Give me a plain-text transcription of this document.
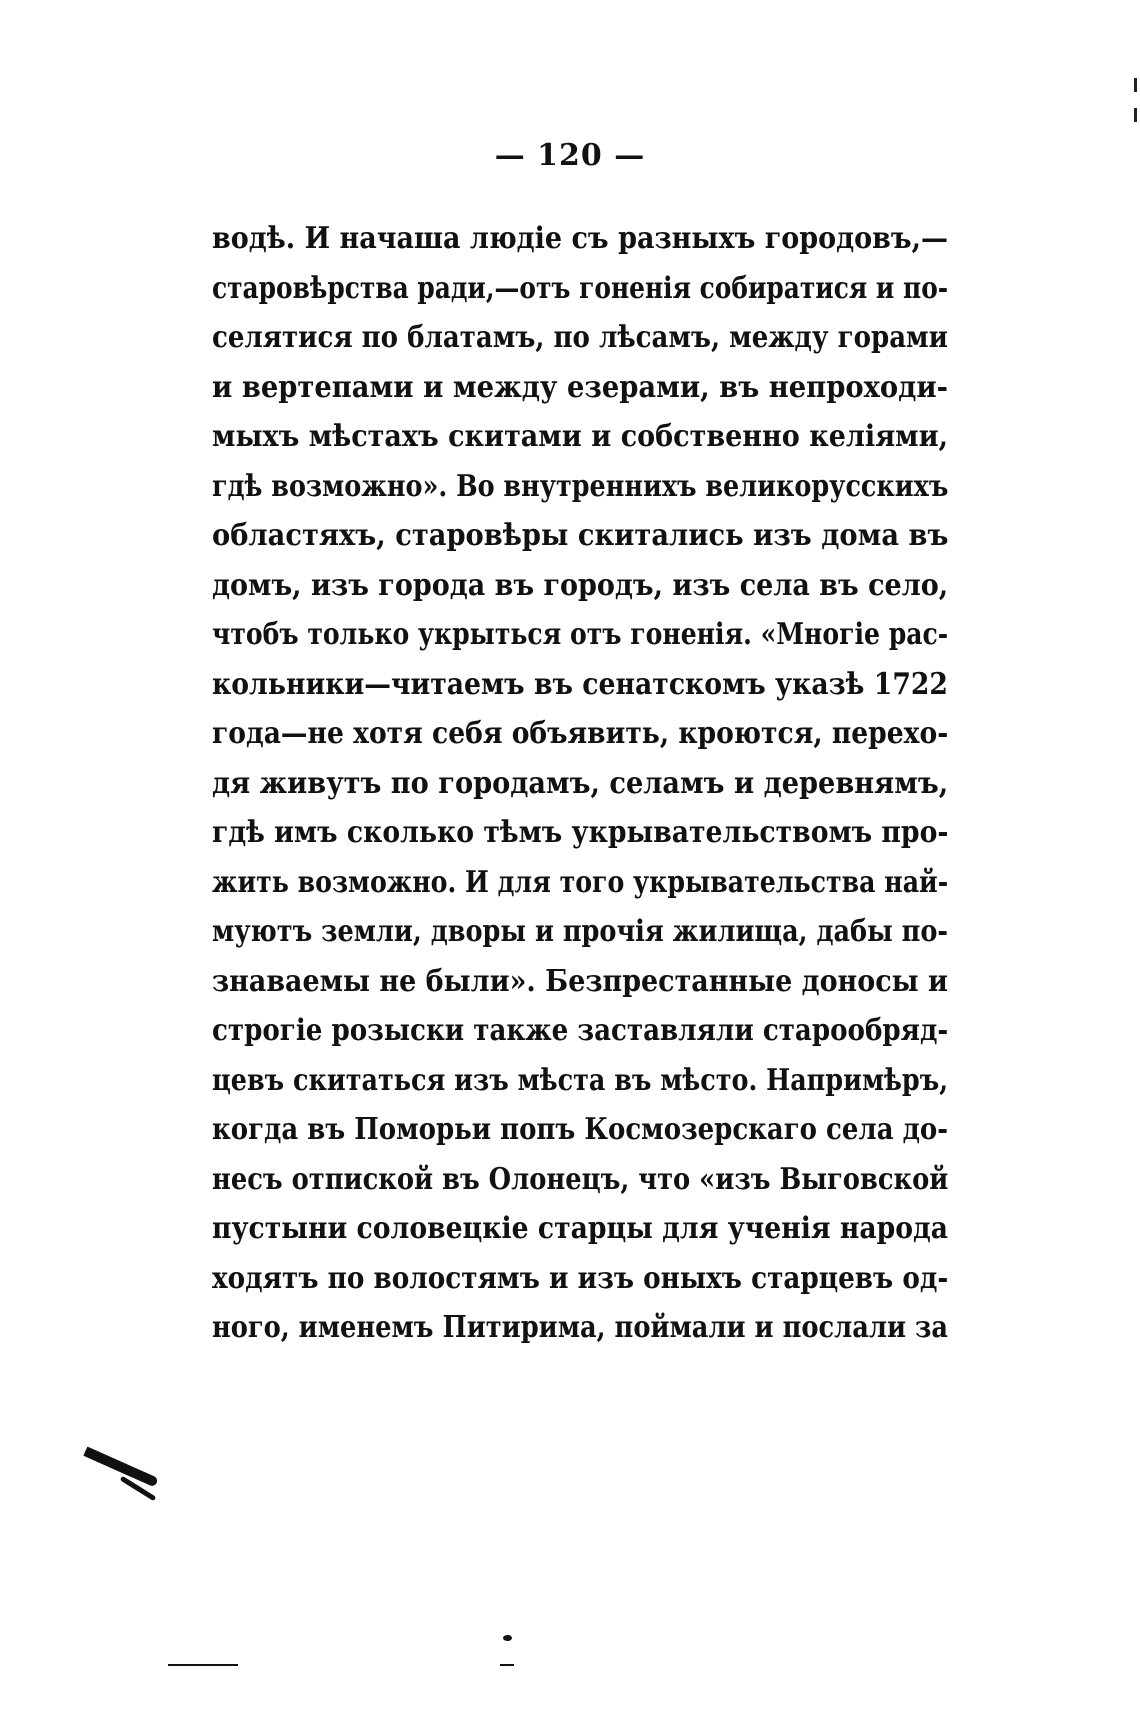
— 120 —
водѣ. И начаша людіе съ разныхъ городовъ,—
старовѣрства ради,—отъ гоненія собиратися и по-
селятися по блатамъ, по лѣсамъ, между горами
и вертепами и между езерами, въ непроходи-
мыхъ мѣстахъ скитами и собственно келіями,
гдѣ возможно». Во внутреннихъ великорусскихъ
областяхъ, старовѣры скитались изъ дома въ
домъ, изъ города въ городъ, изъ села въ село,
чтобъ только укрыться отъ гоненія. «Многіе рас-
кольники—читаемъ въ сенатскомъ указѣ 1722
года—не хотя себя объявить, кроются, перехо-
дя живутъ по городамъ, селамъ и деревнямъ,
гдѣ имъ сколько тѣмъ укрывательствомъ про-
жить возможно. И для того укрывательства най-
муютъ земли, дворы и прочія жилища, дабы по-
знаваемы не были». Безпрестанные доносы и
строгіе розыски также заставляли старообряд-
цевъ скитаться изъ мѣста въ мѣсто. Напримѣръ,
когда въ Поморьи попъ Космозерскаго села до-
несъ отпиской въ Олонецъ, что «изъ Выговской
пустыни соловецкіе старцы для ученія народа
ходятъ по волостямъ и изъ оныхъ старцевъ од-
ного, именемъ Питирима, поймали и послали за
